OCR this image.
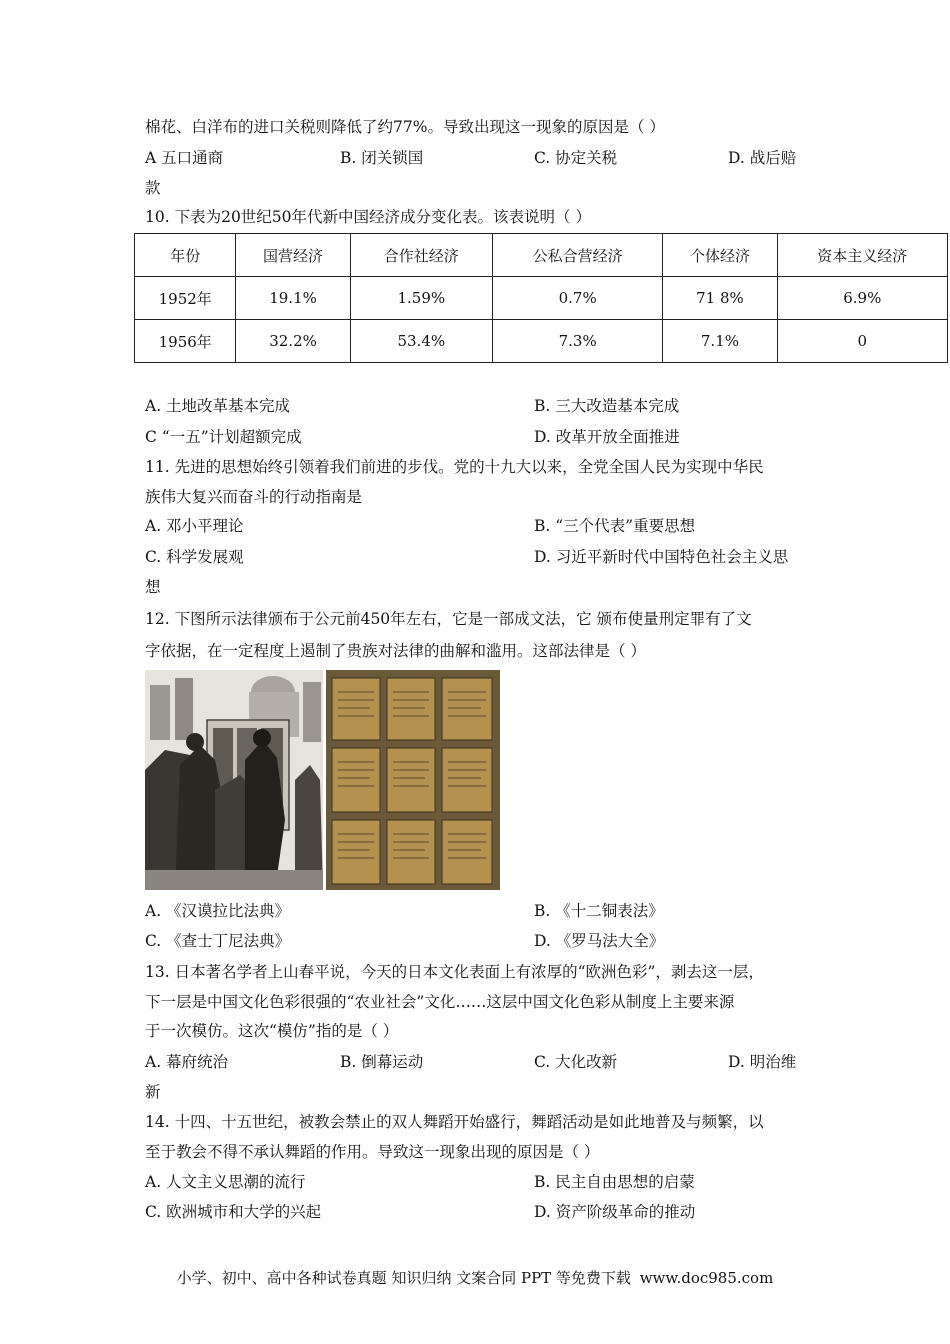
棉花、白洋布的进口关税则降低了约77%。导致出现这一现象的原因是（ ）
A 五口通商	B. 闭关锁国	C. 协定关税	D. 战后赔
款
10. 下表为20世纪50年代新中国经济成分变化表。该表说明（ ）
年份	国营经济	合作社经济	公私合营经济	个体经济	资本主义经济
1952年	19.1%	1.59%	0.7%	71 8%	6.9%
1956年	32.2%	53.4%	7.3%	7.1%	0
A. 土地改革基本完成	B. 三大改造基本完成
C “一五”计划超额完成	D. 改革开放全面推进
11. 先进的思想始终引领着我们前进的步伐。党的十九大以来，全党全国人民为实现中华民
族伟大复兴而奋斗的行动指南是
A. 邓小平理论	B. “三个代表”重要思想
C. 科学发展观	D. 习近平新时代中国特色社会主义思
想
12. 下图所示法律颁布于公元前450年左右，它是一部成文法，它 颁布使量刑定罪有了文
字依据，在一定程度上遏制了贵族对法律的曲解和滥用。这部法律是（ ）
A. 《汉谟拉比法典》	B. 《十二铜表法》
C. 《查士丁尼法典》	D. 《罗马法大全》
13. 日本著名学者上山春平说，今天的日本文化表面上有浓厚的“欧洲色彩”，剥去这一层，
下一层是中国文化色彩很强的“农业社会”文化……这层中国文化色彩从制度上主要来源
于一次模仿。这次“模仿”指的是（ ）
A. 幕府统治	B. 倒幕运动	C. 大化改新	D. 明治维
新
14. 十四、十五世纪，被教会禁止的双人舞蹈开始盛行，舞蹈活动是如此地普及与频繁，以
至于教会不得不承认舞蹈的作用。导致这一现象出现的原因是（ ）
A. 人文主义思潮的流行	B. 民主自由思想的启蒙
C. 欧洲城市和大学的兴起	D. 资产阶级革命的推动
小学、初中、高中各种试卷真题 知识归纳 文案合同 PPT 等免费下载 www.doc985.com
